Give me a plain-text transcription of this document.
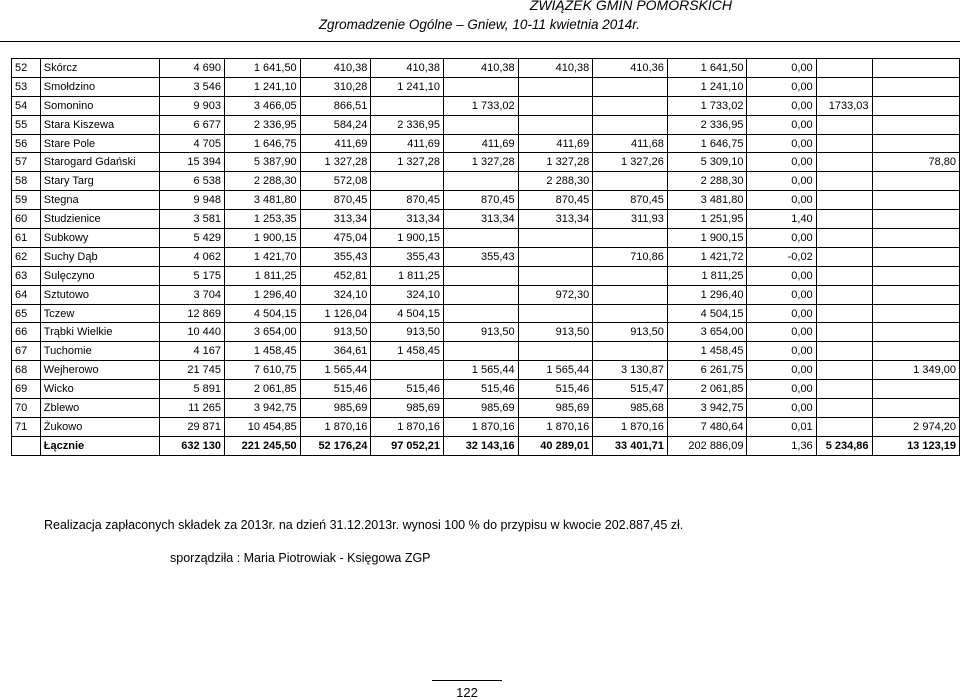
ZWIĄZEK GMIN POMORSKICH
Zgromadzenie Ogólne – Gniew, 10-11 kwietnia 2014r.
52	Skórcz	4 690	1 641,50	410,38	410,38	410,38	410,38	410,36	1 641,50	0,00		
53	Smołdzino	3 546	1 241,10	310,28	1 241,10				1 241,10	0,00		
54	Somonino	9 903	3 466,05	866,51		1 733,02			1 733,02	0,00	1733,03	
55	Stara Kiszewa	6 677	2 336,95	584,24	2 336,95				2 336,95	0,00		
56	Stare Pole	4 705	1 646,75	411,69	411,69	411,69	411,69	411,68	1 646,75	0,00		
57	Starogard Gdański	15 394	5 387,90	1 327,28	1 327,28	1 327,28	1 327,28	1 327,26	5 309,10	0,00		78,80
58	Stary Targ	6 538	2 288,30	572,08			2 288,30		2 288,30	0,00		
59	Stegna	9 948	3 481,80	870,45	870,45	870,45	870,45	870,45	3 481,80	0,00		
60	Studzienice	3 581	1 253,35	313,34	313,34	313,34	313,34	311,93	1 251,95	1,40		
61	Subkowy	5 429	1 900,15	475,04	1 900,15				1 900,15	0,00		
62	Suchy Dąb	4 062	1 421,70	355,43	355,43	355,43		710,86	1 421,72	-0,02		
63	Sulęczyno	5 175	1 811,25	452,81	1 811,25				1 811,25	0,00		
64	Sztutowo	3 704	1 296,40	324,10	324,10		972,30		1 296,40	0,00		
65	Tczew	12 869	4 504,15	1 126,04	4 504,15				4 504,15	0,00		
66	Trąbki Wielkie	10 440	3 654,00	913,50	913,50	913,50	913,50	913,50	3 654,00	0,00		
67	Tuchomie	4 167	1 458,45	364,61	1 458,45				1 458,45	0,00		
68	Wejherowo	21 745	7 610,75	1 565,44		1 565,44	1 565,44	3 130,87	6 261,75	0,00		1 349,00
69	Wicko	5 891	2 061,85	515,46	515,46	515,46	515,46	515,47	2 061,85	0,00		
70	Zblewo	11 265	3 942,75	985,69	985,69	985,69	985,69	985,68	3 942,75	0,00		
71	Żukowo	29 871	10 454,85	1 870,16	1 870,16	1 870,16	1 870,16	1 870,16	7 480,64	0,01		2 974,20
	Łącznie	632 130	221 245,50	52 176,24	97 052,21	32 143,16	40 289,01	33 401,71	202 886,09	1,36	5 234,86	13 123,19
Realizacja zapłaconych składek za 2013r. na dzień 31.12.2013r. wynosi 100 % do przypisu w kwocie 202.887,45 zł.
sporządziła : Maria Piotrowiak - Księgowa ZGP
122
